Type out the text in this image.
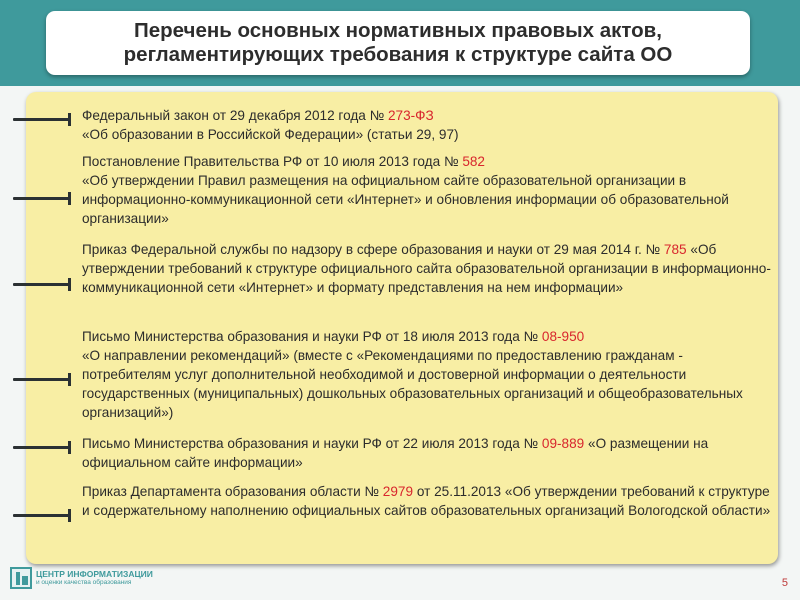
Перечень основных нормативных правовых актов,
регламентирующих требования к структуре сайта ОО
Федеральный закон от 29 декабря 2012 года № 273-ФЗ
«Об образовании в Российской Федерации» (статьи 29, 97)
Постановление Правительства РФ от 10 июля 2013 года № 582
«Об утверждении Правил размещения на официальном сайте образовательной организации в информационно-коммуникационной сети «Интернет» и обновления информации об образовательной организации»
Приказ Федеральной службы по надзору в сфере образования и науки от 29 мая 2014 г. № 785 «Об утверждении требований к структуре официального сайта образовательной организации в информационно-коммуникационной сети «Интернет» и формату представления на нем информации»
Письмо Министерства образования и науки РФ от 18 июля 2013 года № 08-950
«О направлении рекомендаций» (вместе с «Рекомендациями по предоставлению гражданам - потребителям услуг дополнительной необходимой и достоверной информации о деятельности государственных (муниципальных) дошкольных образовательных организаций и общеобразовательных организаций»)
Письмо Министерства образования и науки РФ от 22 июля 2013 года № 09-889 «О размещении на официальном сайте информации»
Приказ Департамента образования области № 2979 от 25.11.2013 «Об утверждении требований к структуре и содержательному наполнению официальных сайтов образовательных организаций Вологодской области»
ЦЕНТР ИНФОРМАТИЗАЦИИ
и оценки качества образования	5
